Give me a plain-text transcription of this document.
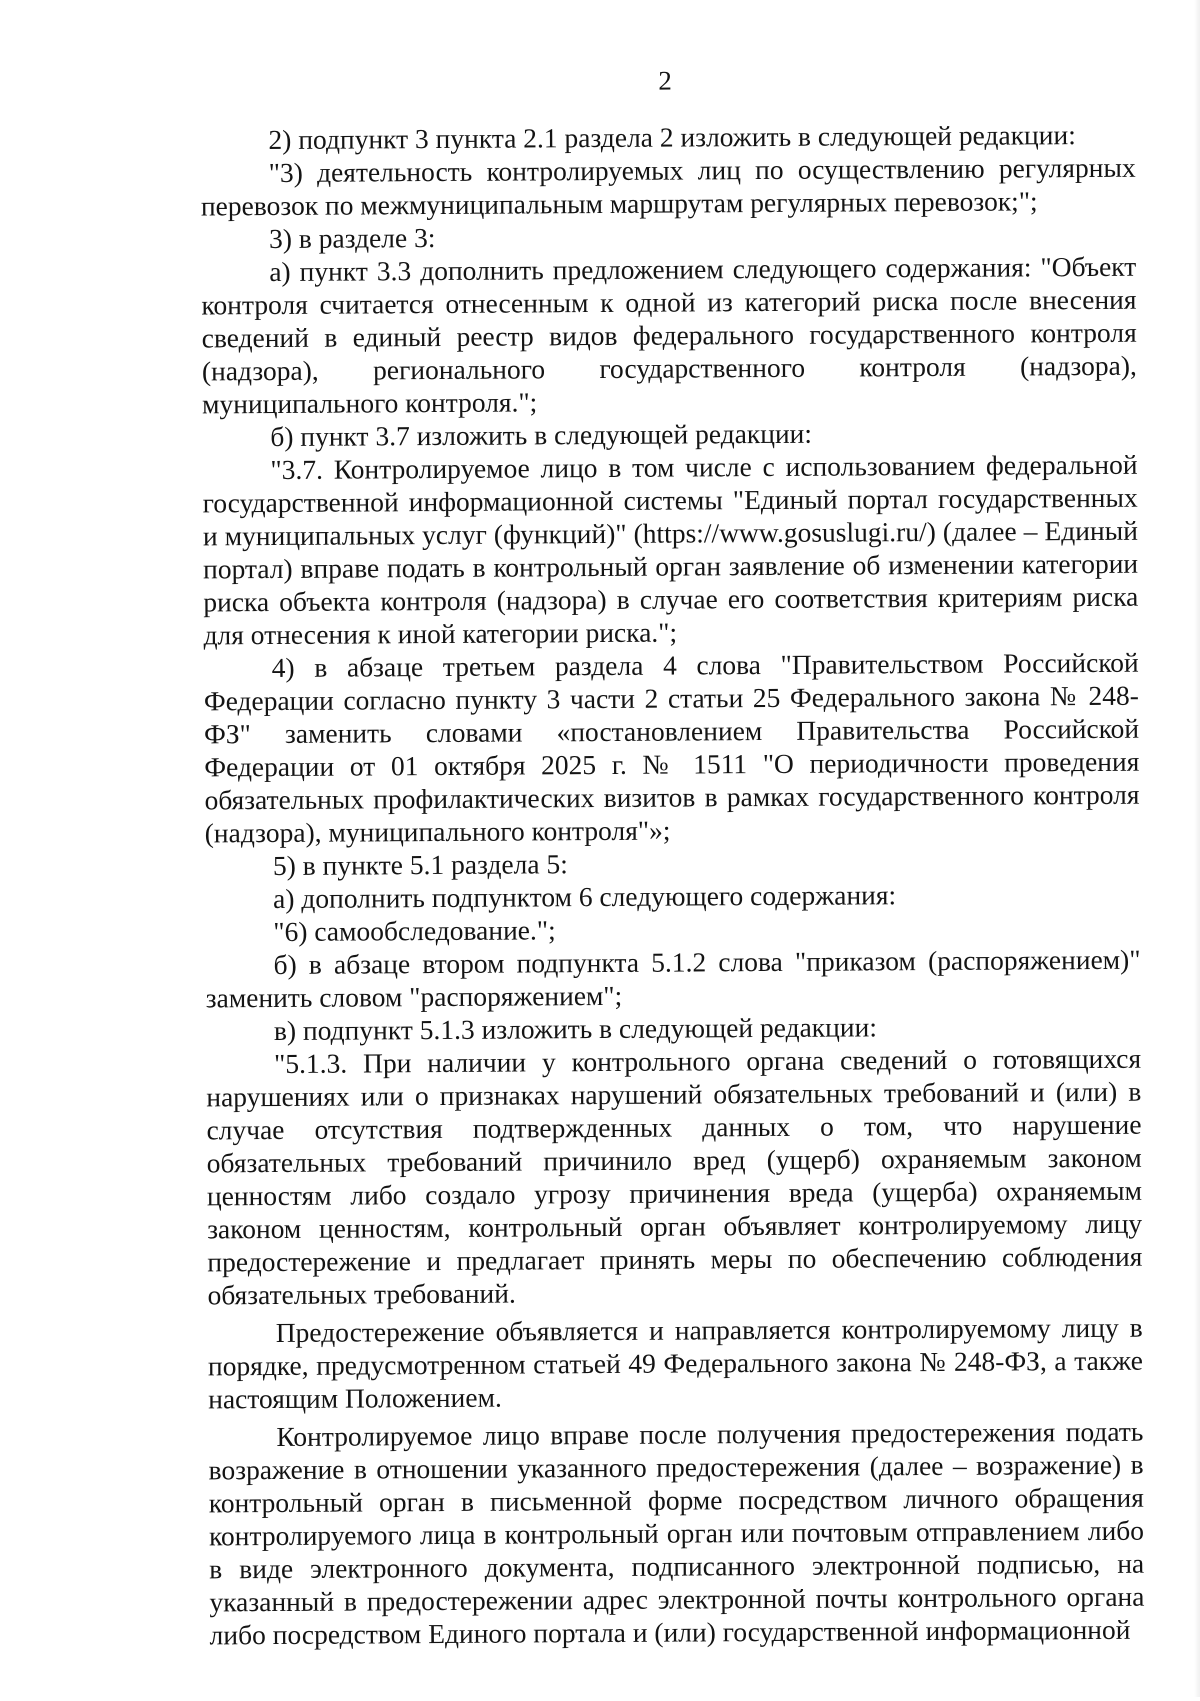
2

2) подпункт 3 пункта 2.1 раздела 2 изложить в следующей редакции:

"3) деятельность контролируемых лиц по осуществлению регулярных перевозок по межмуниципальным маршрутам регулярных перевозок;";

3) в разделе 3:

а) пункт 3.3 дополнить предложением следующего содержания: "Объект контроля считается отнесенным к одной из категорий риска после внесения сведений в единый реестр видов федерального государственного контроля (надзора), регионального государственного контроля (надзора), муниципального контроля.";

б) пункт 3.7 изложить в следующей редакции:

"3.7. Контролируемое лицо в том числе с использованием федеральной государственной информационной системы "Единый портал государственных и муниципальных услуг (функций)" (https://www.gosuslugi.ru/) (далее – Единый портал) вправе подать в контрольный орган заявление об изменении категории риска объекта контроля (надзора) в случае его соответствия критериям риска для отнесения к иной категории риска.";

4) в абзаце третьем раздела 4 слова "Правительством Российской Федерации согласно пункту 3 части 2 статьи 25 Федерального закона № 248-ФЗ" заменить словами «постановлением Правительства Российской Федерации от 01 октября 2025 г. № 1511 "О периодичности проведения обязательных профилактических визитов в рамках государственного контроля (надзора), муниципального контроля"»;

5) в пункте 5.1 раздела 5:

а) дополнить подпунктом 6 следующего содержания:

"6) самообследование.";

б) в абзаце втором подпункта 5.1.2 слова "приказом (распоряжением)" заменить словом "распоряжением";

в) подпункт 5.1.3 изложить в следующей редакции:

"5.1.3. При наличии у контрольного органа сведений о готовящихся нарушениях или о признаках нарушений обязательных требований и (или) в случае отсутствия подтвержденных данных о том, что нарушение обязательных требований причинило вред (ущерб) охраняемым законом ценностям либо создало угрозу причинения вреда (ущерба) охраняемым законом ценностям, контрольный орган объявляет контролируемому лицу предостережение и предлагает принять меры по обеспечению соблюдения обязательных требований.

Предостережение объявляется и направляется контролируемому лицу в порядке, предусмотренном статьей 49 Федерального закона № 248-ФЗ, а также настоящим Положением.

Контролируемое лицо вправе после получения предостережения подать возражение в отношении указанного предостережения (далее – возражение) в контрольный орган в письменной форме посредством личного обращения контролируемого лица в контрольный орган или почтовым отправлением либо в виде электронного документа, подписанного электронной подписью, на указанный в предостережении адрес электронной почты контрольного органа либо посредством Единого портала и (или) государственной информационной
